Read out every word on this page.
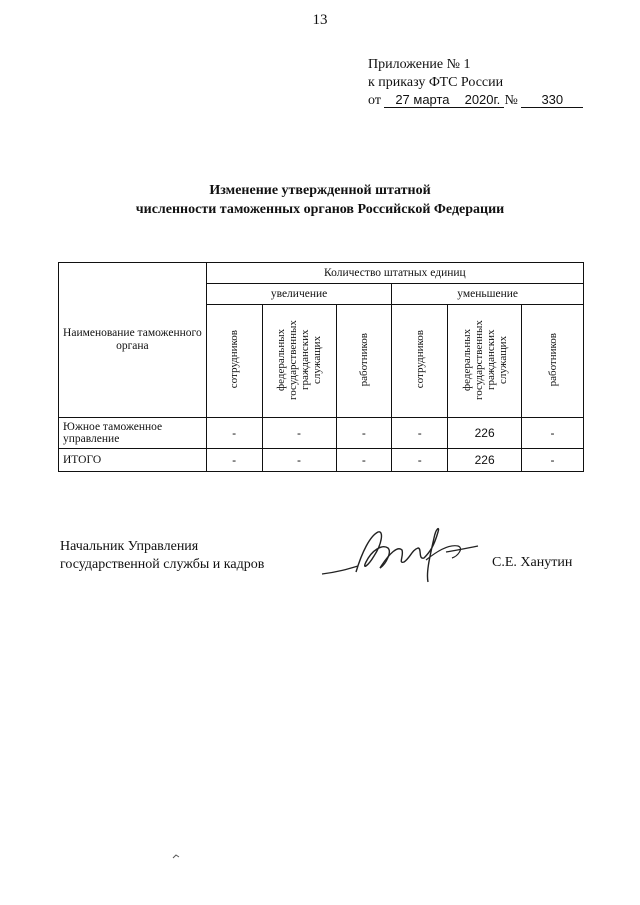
13
Приложение № 1
к приказу ФТС России
от 27 марта 2020г. № 330
Изменение утвержденной штатной
численности таможенных органов Российской Федерации
Наименование таможенного органа	Количество штатных единиц					
	увеличение			уменьшение		
	сотрудников	федеральных государственных гражданских служащих	работников	сотрудников	федеральных государственных гражданских служащих	работников
Южное таможенное управление	-	-	-	-	226	-
ИТОГО	-	-	-	-	226	-
Начальник Управления
государственной службы и кадров	С.Е. Ханутин
